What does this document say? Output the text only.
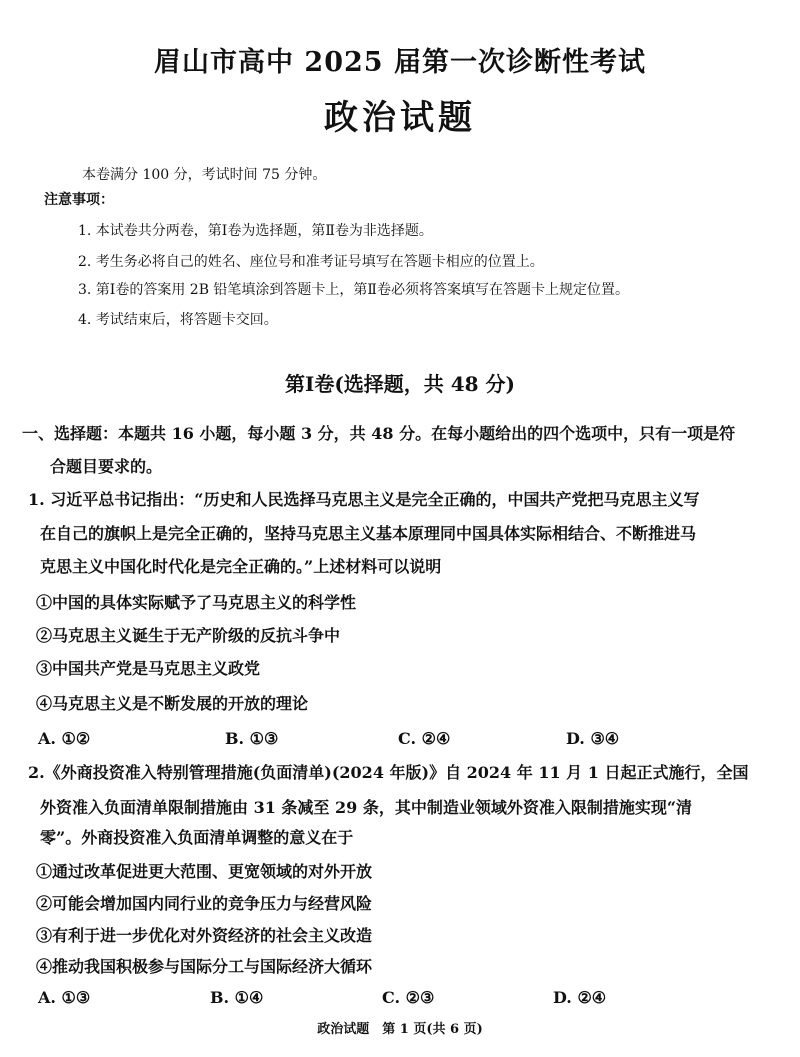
眉山市高中 2025 届第一次诊断性考试
政治试题
本卷满分 100 分，考试时间 75 分钟。
注意事项：
1. 本试卷共分两卷，第Ⅰ卷为选择题，第Ⅱ卷为非选择题。
2. 考生务必将自己的姓名、座位号和准考证号填写在答题卡相应的位置上。
3. 第Ⅰ卷的答案用 2B 铅笔填涂到答题卡上，第Ⅱ卷必须将答案填写在答题卡上规定位置。
4. 考试结束后，将答题卡交回。
第Ⅰ卷(选择题，共 48 分)
一、选择题：本题共 16 小题，每小题 3 分，共 48 分。在每小题给出的四个选项中，只有一项是符
合题目要求的。
1. 习近平总书记指出：“历史和人民选择马克思主义是完全正确的，中国共产党把马克思主义写
在自己的旗帜上是完全正确的，坚持马克思主义基本原理同中国具体实际相结合、不断推进马
克思主义中国化时代化是完全正确的。”上述材料可以说明
①中国的具体实际赋予了马克思主义的科学性
②马克思主义诞生于无产阶级的反抗斗争中
③中国共产党是马克思主义政党
④马克思主义是不断发展的开放的理论
A. ①②	B. ①③	C. ②④	D. ③④
2.《外商投资准入特别管理措施(负面清单)(2024 年版)》自 2024 年 11 月 1 日起正式施行，全国
外资准入负面清单限制措施由 31 条减至 29 条，其中制造业领域外资准入限制措施实现“清
零”。外商投资准入负面清单调整的意义在于
①通过改革促进更大范围、更宽领域的对外开放
②可能会增加国内同行业的竞争压力与经营风险
③有利于进一步优化对外资经济的社会主义改造
④推动我国积极参与国际分工与国际经济大循环
A. ①③	B. ①④	C. ②③	D. ②④
政治试题　第 1 页(共 6 页)
